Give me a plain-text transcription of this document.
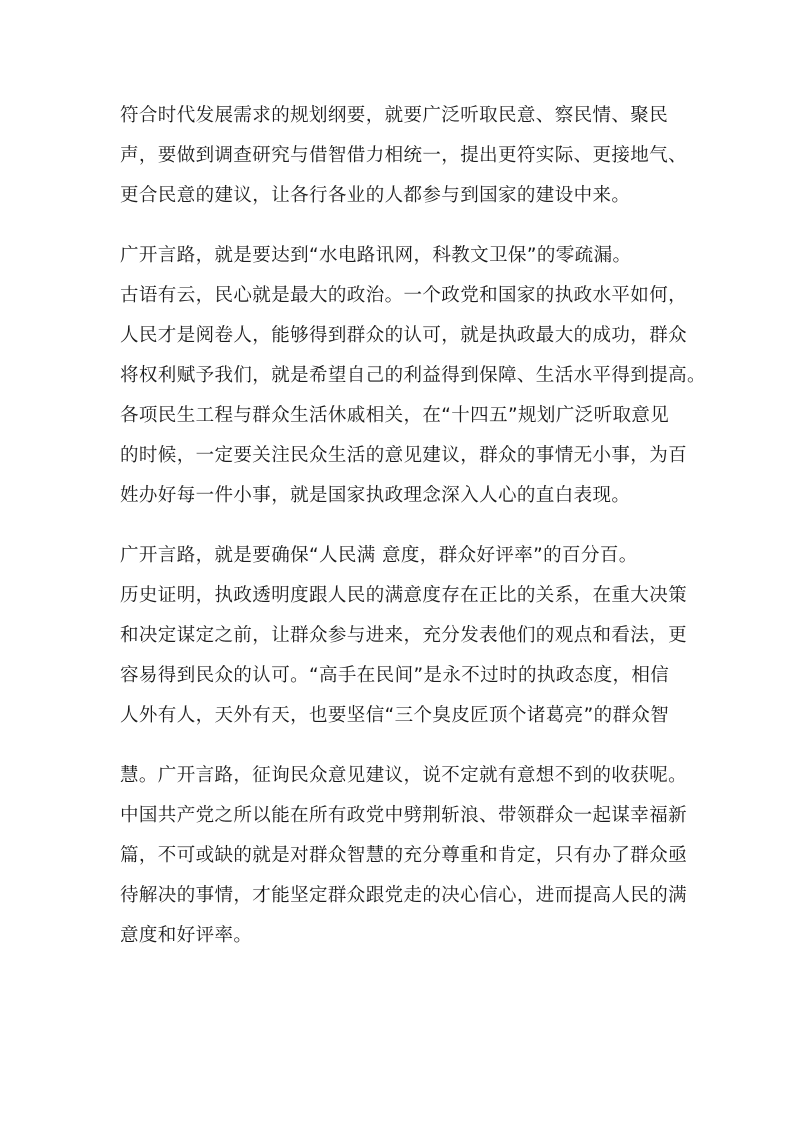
符合时代发展需求的规划纲要，就要广泛听取民意、察民情、聚民
声，要做到调查研究与借智借力相统一，提出更符实际、更接地气、
更合民意的建议，让各行各业的人都参与到国家的建设中来。
广开言路，就是要达到“水电路讯网，科教文卫保”的零疏漏。
古语有云，民心就是最大的政治。一个政党和国家的执政水平如何，
人民才是阅卷人，能够得到群众的认可，就是执政最大的成功，群众
将权利赋予我们，就是希望自己的利益得到保障、生活水平得到提高。
各项民生工程与群众生活休戚相关，在“十四五”规划广泛听取意见
的时候，一定要关注民众生活的意见建议，群众的事情无小事，为百
姓办好每一件小事，就是国家执政理念深入人心的直白表现。
广开言路，就是要确保“人民满 意度，群众好评率”的百分百。
历史证明，执政透明度跟人民的满意度存在正比的关系，在重大决策
和决定谋定之前，让群众参与进来，充分发表他们的观点和看法，更
容易得到民众的认可。“高手在民间”是永不过时的执政态度，相信
人外有人，天外有天，也要坚信“三个臭皮匠顶个诸葛亮”的群众智
慧。广开言路，征询民众意见建议，说不定就有意想不到的收获呢。
中国共产党之所以能在所有政党中劈荆斩浪、带领群众一起谋幸福新
篇，不可或缺的就是对群众智慧的充分尊重和肯定，只有办了群众亟
待解决的事情，才能坚定群众跟党走的决心信心，进而提高人民的满
意度和好评率。
